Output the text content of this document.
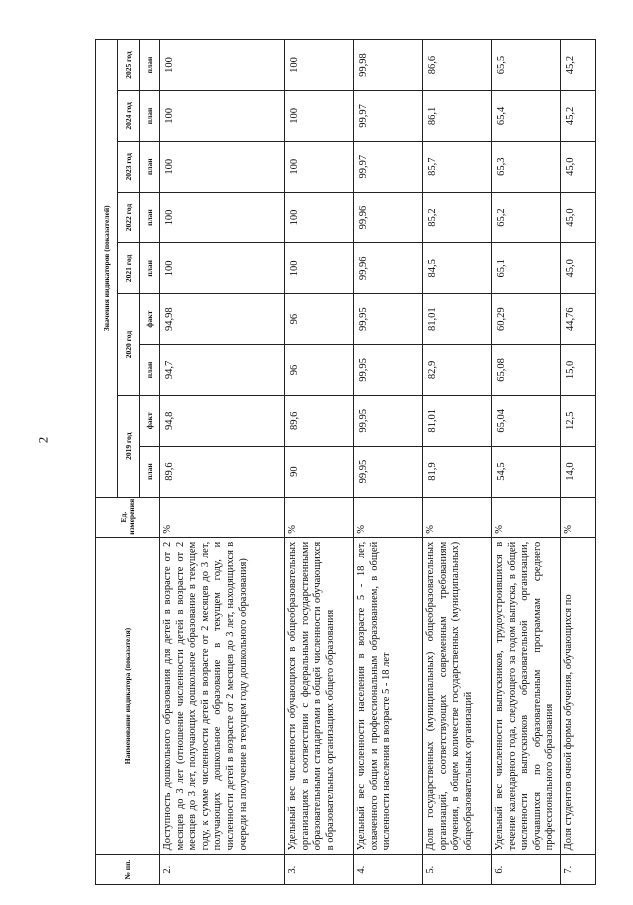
2
№ пп.	Наименование индикатора (показателя)	Ед. измерения	Значения индикаторов (показателей)								
			2019 год		2020 год		2021 год	2022 год	2023 год	2024 год	2025 год
			план	факт	план	факт	план	план	план	план	план
2.	Доступность дошкольного образования для детей в возрасте от 2 месяцев до 3 лет (отношение численности детей в возрасте от 2 месяцев до 3 лет, получающих дошкольное образование в текущем году, к сумме численности детей в возрасте от 2 месяцев до 3 лет, получающих дошкольное образование в текущем году, и численности детей в возрасте от 2 месяцев до 3 лет, находящихся в очереди на получение в текущем году дошкольного образования)	%	89,6	94,8	94,7	94,98	100	100	100	100	100
3.	Удельный вес численности обучающихся в общеобразовательных организациях в соответствии с федеральными государственными образовательными стандартами в общей численности обучающихся в образовательных организациях общего образования	%	90	89,6	96	96	100	100	100	100	100
4.	Удельный вес численности населения в возрасте 5 - 18 лет, охваченного общим и профессиональным образованием, в общей численности населения в возрасте 5 - 18 лет	%	99,95	99,95	99,95	99,95	99,96	99,96	99,97	99,97	99,98
5.	Доля государственных (муниципальных) общеобразовательных организаций, соответствующих современным требованиям обучения, в общем количестве государственных (муниципальных) общеобразовательных организаций	%	81,9	81,01	82,9	81,01	84,5	85,2	85,7	86,1	86,6
6.	Удельный вес численности выпускников, трудоустроившихся в течение календарного года, следующего за годом выпуска, в общей численности выпускников образовательной организации, обучавшихся по образовательным программам среднего профессионального образования	%	54,5	65,04	65,08	60,29	65,1	65,2	65,3	65,4	65,5
7.	Доля студентов очной формы обучения, обучающихся по	%	14,0	12,5	15,0	44,76	45,0	45,0	45,0	45,2	45,2
